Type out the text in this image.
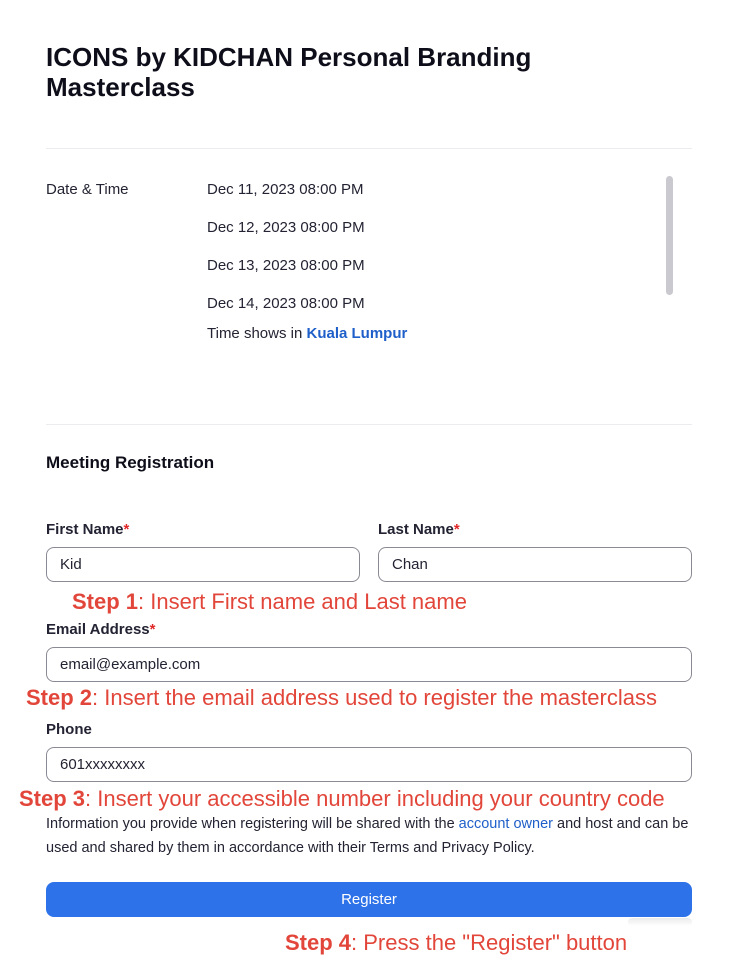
ICONS by KIDCHAN Personal Branding Masterclass
Date & Time	Dec 11, 2023 08:00 PM
Dec 12, 2023 08:00 PM
Dec 13, 2023 08:00 PM
Dec 14, 2023 08:00 PM
Time shows in Kuala Lumpur
Meeting Registration
First Name*
Kid	Last Name*
Chan
Step 1: Insert First name and Last name
Email Address*
email@example.com
Step 2: Insert the email address used to register the masterclass
Phone
601xxxxxxxx
Step 3: Insert your accessible number including your country code

Information you provide when registering will be shared with the account owner and host and can be used and shared by them in accordance with their Terms and Privacy Policy.

Register
Step 4: Press the "Register" button
